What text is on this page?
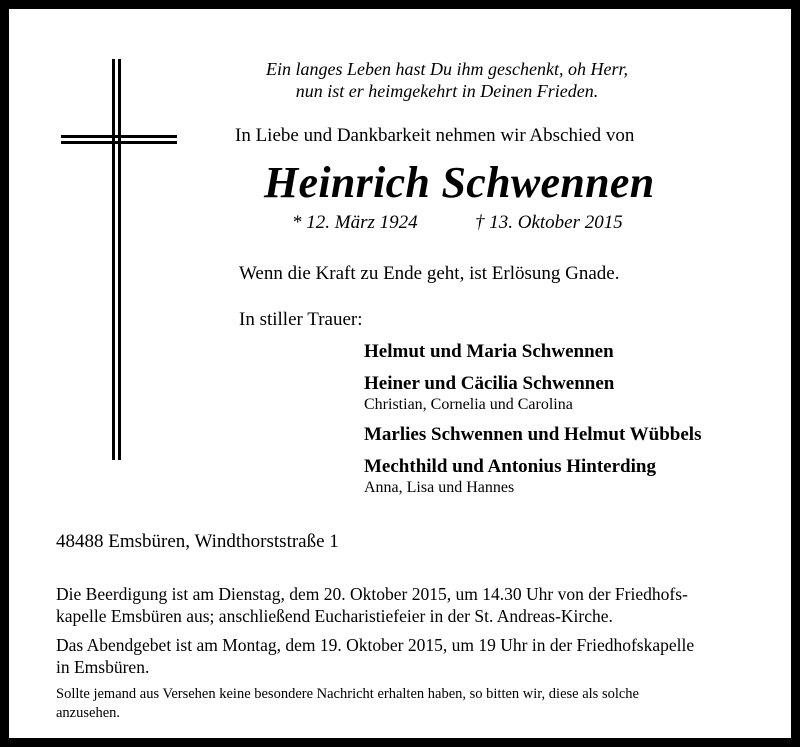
Ein langes Leben hast Du ihm geschenkt, oh Herr,
nun ist er heimgekehrt in Deinen Frieden.
In Liebe und Dankbarkeit nehmen wir Abschied von
Heinrich Schwennen
* 12. März 1924	† 13. Oktober 2015
Wenn die Kraft zu Ende geht, ist Erlösung Gnade.
In stiller Trauer:
Helmut und Maria Schwennen
Heiner und Cäcilia Schwennen
Christian, Cornelia und Carolina
Marlies Schwennen und Helmut Wübbels
Mechthild und Antonius Hinterding
Anna, Lisa und Hannes
48488 Emsbüren, Windthorststraße 1
Die Beerdigung ist am Dienstag, dem 20. Oktober 2015, um 14.30 Uhr von der Friedhofs-
kapelle Emsbüren aus; anschließend Eucharistiefeier in der St. Andreas-Kirche.
Das Abendgebet ist am Montag, dem 19. Oktober 2015, um 19 Uhr in der Friedhofskapelle
in Emsbüren.
Sollte jemand aus Versehen keine besondere Nachricht erhalten haben, so bitten wir, diese als solche
anzusehen.
